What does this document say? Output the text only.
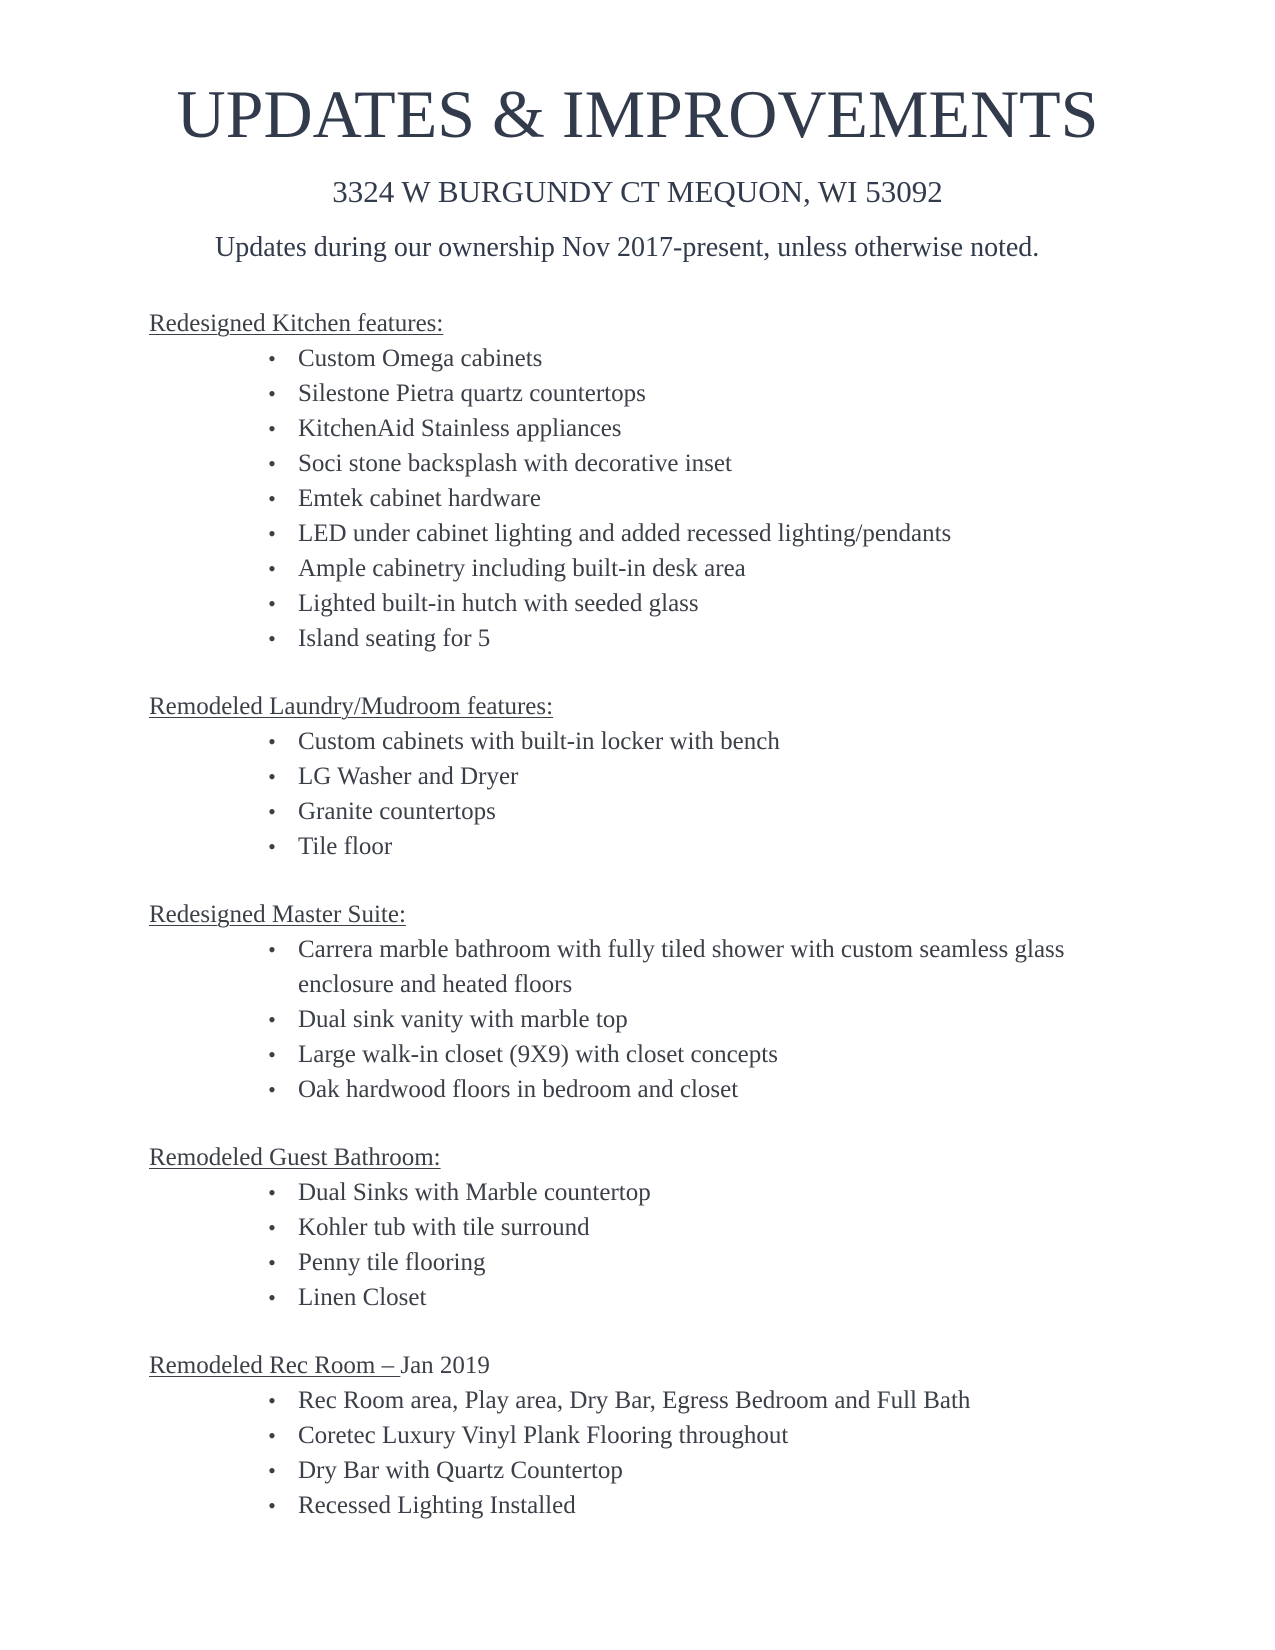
UPDATES & IMPROVEMENTS
3324 W BURGUNDY CT MEQUON, WI 53092
Updates during our ownership Nov 2017-present, unless otherwise noted.
Redesigned Kitchen features:
• Custom Omega cabinets
• Silestone Pietra quartz countertops
• KitchenAid Stainless appliances
• Soci stone backsplash with decorative inset
• Emtek cabinet hardware
• LED under cabinet lighting and added recessed lighting/pendants
• Ample cabinetry including built-in desk area
• Lighted built-in hutch with seeded glass
• Island seating for 5
Remodeled Laundry/Mudroom features:
• Custom cabinets with built-in locker with bench
• LG Washer and Dryer
• Granite countertops
• Tile floor
Redesigned Master Suite:
• Carrera marble bathroom with fully tiled shower with custom seamless glass enclosure and heated floors
• Dual sink vanity with marble top
• Large walk-in closet (9X9) with closet concepts
• Oak hardwood floors in bedroom and closet
Remodeled Guest Bathroom:
• Dual Sinks with Marble countertop
• Kohler tub with tile surround
• Penny tile flooring
• Linen Closet
Remodeled Rec Room – Jan 2019
• Rec Room area, Play area, Dry Bar, Egress Bedroom and Full Bath
• Coretec Luxury Vinyl Plank Flooring throughout
• Dry Bar with Quartz Countertop
• Recessed Lighting Installed
